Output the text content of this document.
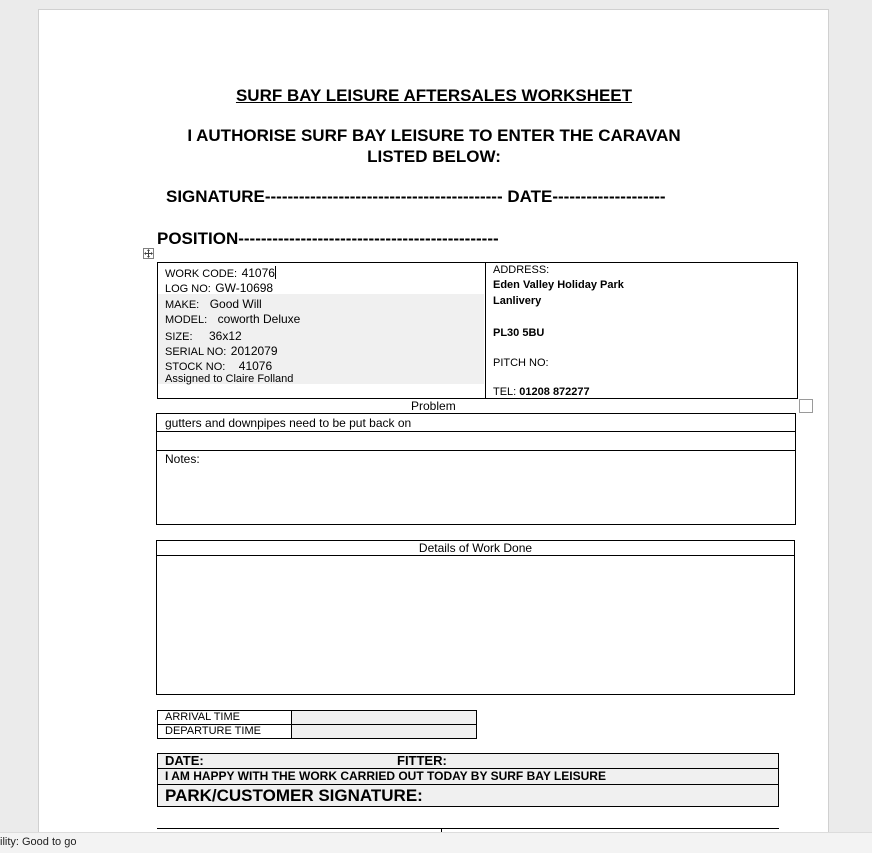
SURF BAY LEISURE AFTERSALES WORKSHEET
I AUTHORISE SURF BAY LEISURE TO ENTER THE CARAVAN
LISTED BELOW:
SIGNATURE------------------------------------------ DATE--------------------
POSITION----------------------------------------------
WORK CODE: 41076
LOG NO: GW-10698
MAKE: Good Will
MODEL: coworth Deluxe
SIZE: 36x12
SERIAL NO: 2012079
STOCK NO: 41076
Assigned to Claire Folland
ADDRESS:
Eden Valley Holiday Park
Lanlivery
PL30 5BU
PITCH NO:
TEL: 01208 872277
Problem
gutters and downpipes need to be put back on
Notes:
Details of Work Done
ARRIVAL TIME
DEPARTURE TIME
DATE:	FITTER:
I AM HAPPY WITH THE WORK CARRIED OUT TODAY BY SURF BAY LEISURE
PARK/CUSTOMER SIGNATURE:
ility: Good to go
